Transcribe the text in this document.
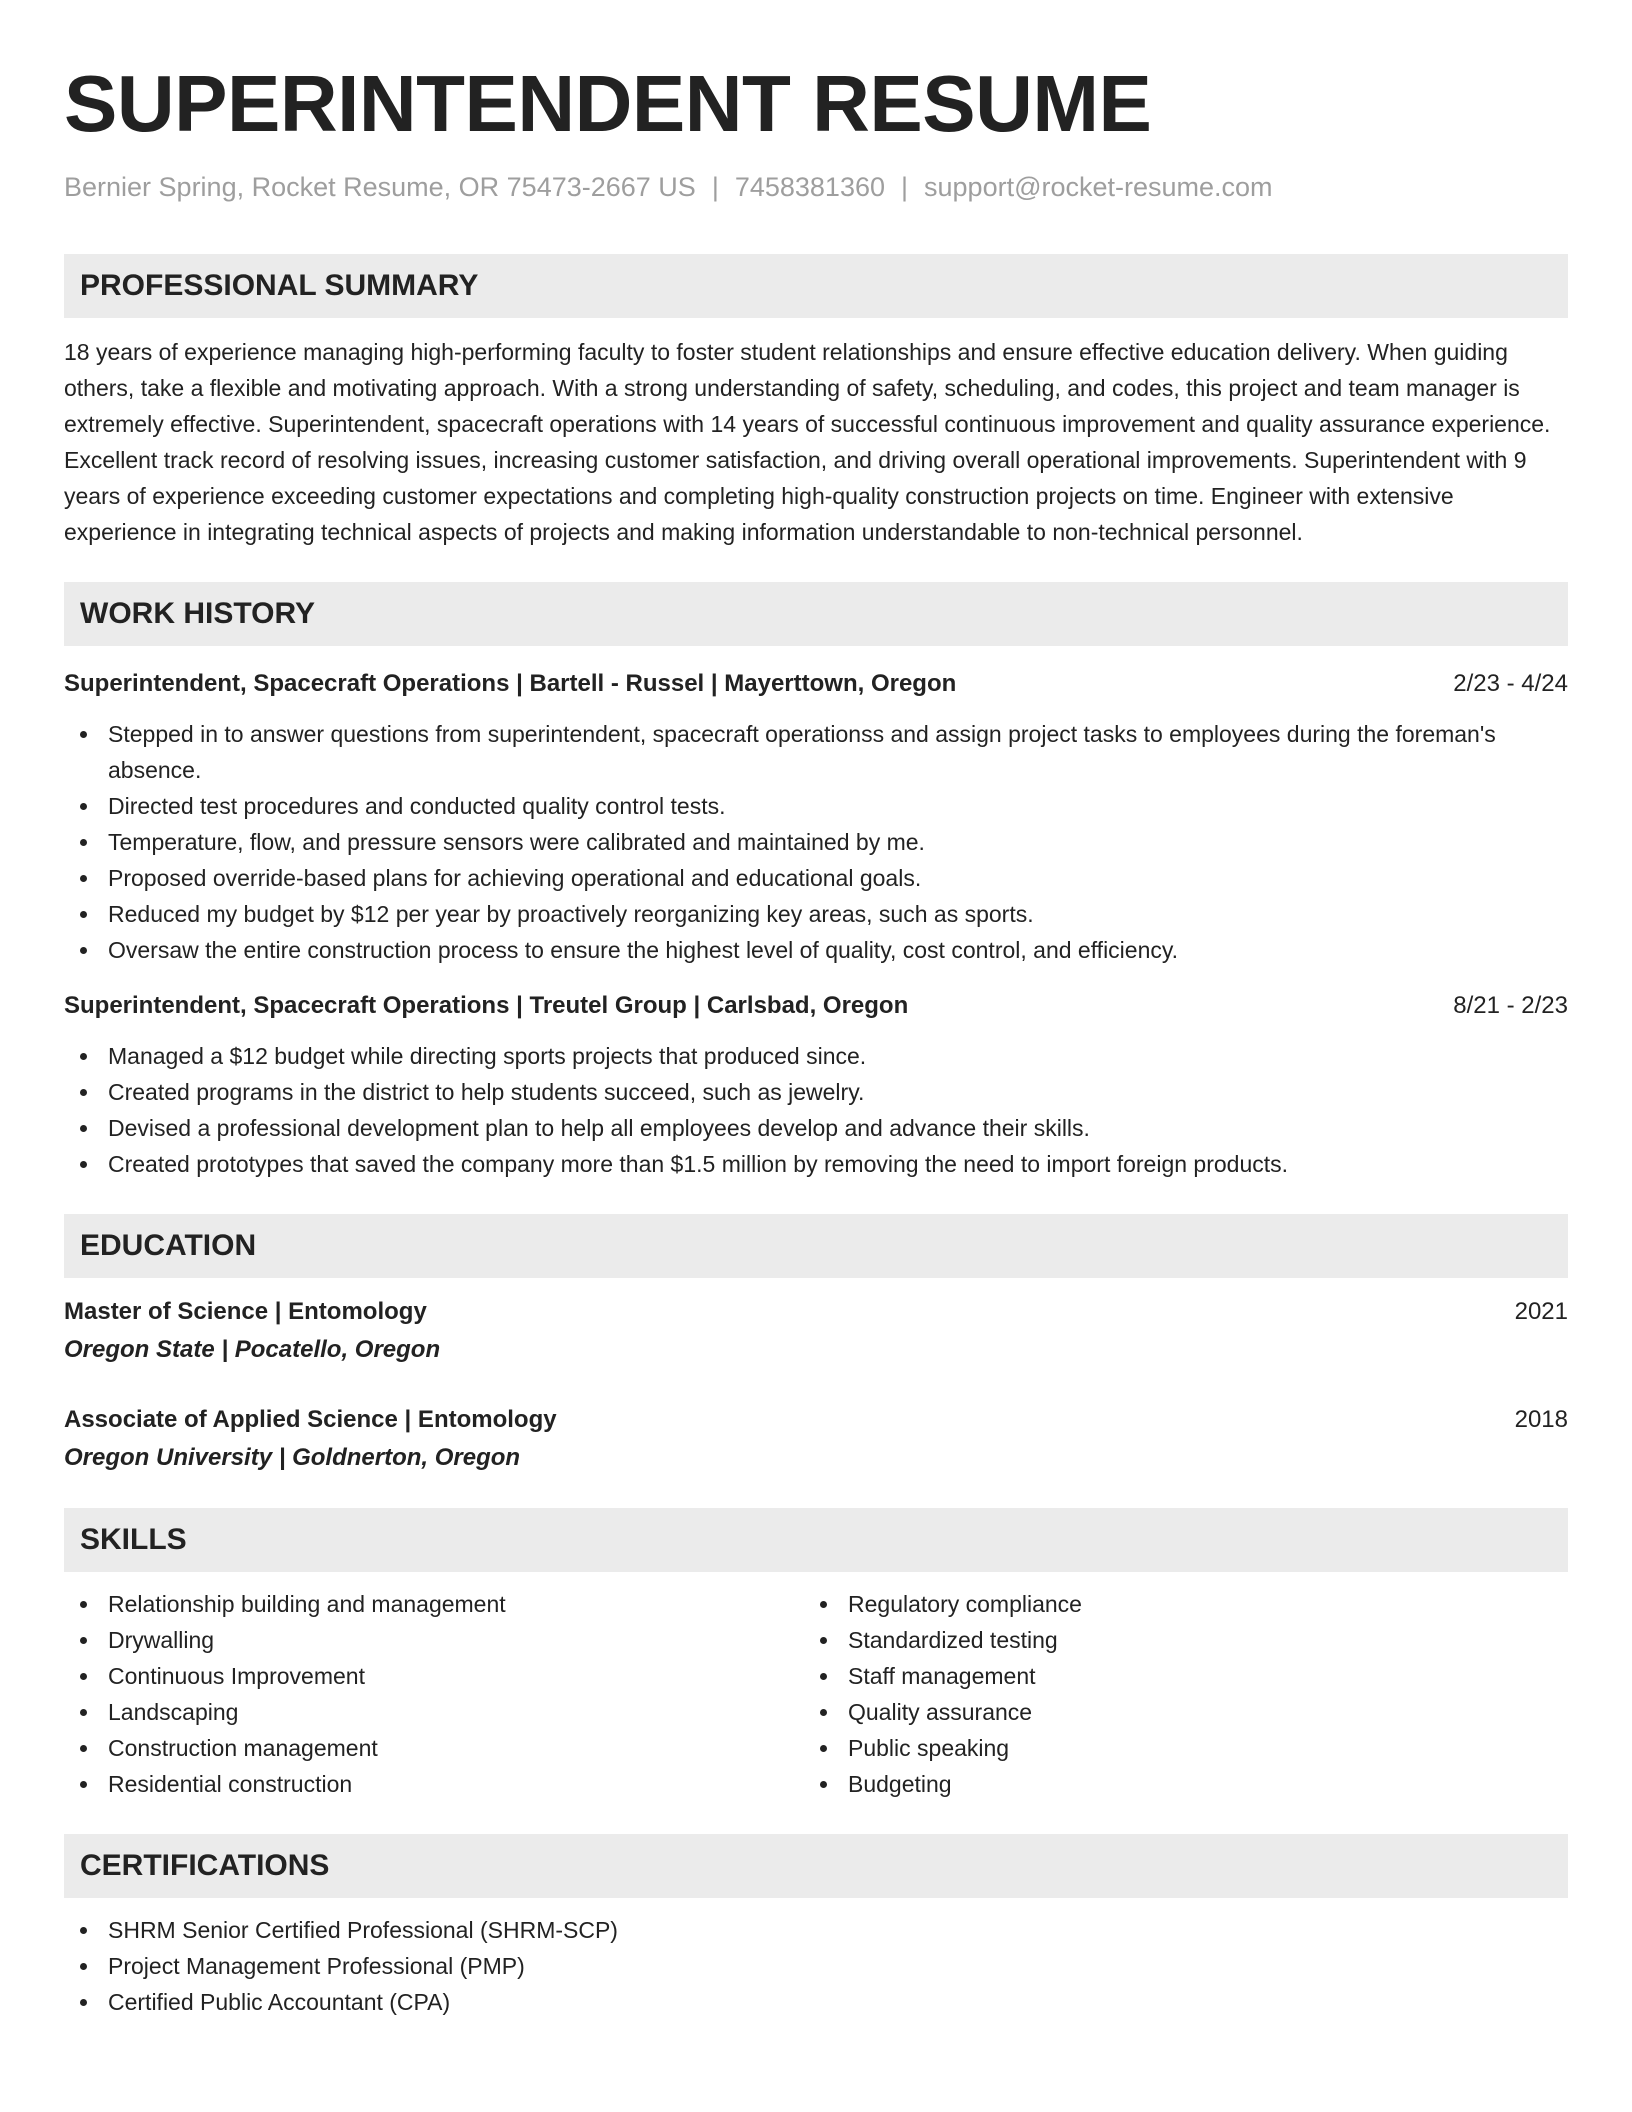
SUPERINTENDENT RESUME
Bernier Spring, Rocket Resume, OR 75473-2667 US | 7458381360 | support@rocket-resume.com
PROFESSIONAL SUMMARY

18 years of experience managing high-performing faculty to foster student relationships and ensure effective education delivery. When guiding others, take a flexible and motivating approach. With a strong understanding of safety, scheduling, and codes, this project and team manager is extremely effective. Superintendent, spacecraft operations with 14 years of successful continuous improvement and quality assurance experience. Excellent track record of resolving issues, increasing customer satisfaction, and driving overall operational improvements. Superintendent with 9 years of experience exceeding customer expectations and completing high-quality construction projects on time. Engineer with extensive experience in integrating technical aspects of projects and making information understandable to non-technical personnel.

WORK HISTORY
Superintendent, Spacecraft Operations | Bartell - Russel | Mayerttown, Oregon	2/23 - 4/24
Stepped in to answer questions from superintendent, spacecraft operationss and assign project tasks to employees during the foreman's absence.
Directed test procedures and conducted quality control tests.
Temperature, flow, and pressure sensors were calibrated and maintained by me.
Proposed override-based plans for achieving operational and educational goals.
Reduced my budget by $12 per year by proactively reorganizing key areas, such as sports.
Oversaw the entire construction process to ensure the highest level of quality, cost control, and efficiency.
Superintendent, Spacecraft Operations | Treutel Group | Carlsbad, Oregon	8/21 - 2/23
Managed a $12 budget while directing sports projects that produced since.
Created programs in the district to help students succeed, such as jewelry.
Devised a professional development plan to help all employees develop and advance their skills.
Created prototypes that saved the company more than $1.5 million by removing the need to import foreign products.
EDUCATION
Master of Science | Entomology	2021
Oregon State | Pocatello, Oregon
Associate of Applied Science | Entomology	2018
Oregon University | Goldnerton, Oregon
SKILLS
Relationship building and management
Drywalling
Continuous Improvement
Landscaping
Construction management
Residential construction
Regulatory compliance
Standardized testing
Staff management
Quality assurance
Public speaking
Budgeting
CERTIFICATIONS
SHRM Senior Certified Professional (SHRM-SCP)
Project Management Professional (PMP)
Certified Public Accountant (CPA)
